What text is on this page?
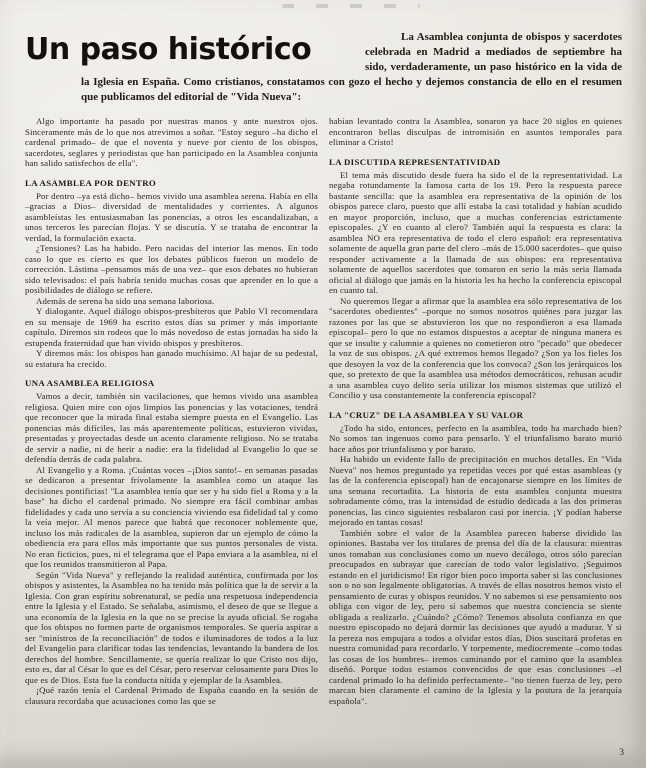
Un paso histórico	La Asamblea conjunta de obispos y sacerdotes celebrada en Madrid a mediados de septiembre ha sido, verdaderamente, un paso histórico en la vida de la Iglesia en España. Como cristianos, constatamos con gozo el hecho y dejemos constancia de ello en el resumen que publicamos del editorial de "Vida Nueva":

Algo importante ha pasado por nuestras manos y ante nuestros ojos. Sinceramente más de lo que nos atrevimos a soñar. "Estoy seguro –ha dicho el cardenal primado– de que el noventa y nueve por ciento de los obispos, sacerdotes, seglares y periodistas que han participado en la Asamblea conjunta han salido satisfechos de ella".

LA ASAMBLEA POR DENTRO

Por dentro –ya está dicho– hemos vivido una asamblea serena. Había en ella –gracias a Dios– diversidad de mentalidades y corrientes. A algunos asambleístas les entusiasmaban las ponencias, a otros les escandalizaban, a unos terceros les parecían flojas. Y se discutía. Y se trataba de encontrar la verdad, la formulación exacta.

¿Tensiones? Las ha habido. Pero nacidas del interior las menos. En todo caso lo que es cierto es que los debates públicos fueron un modelo de corrección. Lástima –pensamos más de una vez– que esos debates no hubieran sido televisados: el país habría tenido muchas cosas que aprender en lo que a posibilidades de diálogo se refiere.

Además de serena ha sido una semana laboriosa.

Y dialogante. Aquel diálogo obispos-presbíteros que Pablo VI recomendara en su mensaje de 1969 ha escrito estos días su primer y más importante capítulo. Diremos sin rodeos que lo más novedoso de estas jornadas ha sido la estupenda fraternidad que han vivido obispos y presbíteros.

Y diremos más: los obispos han ganado muchísimo. Al bajar de su pedestal, su estatura ha crecido.

UNA ASAMBLEA RELIGIOSA

Vamos a decir, también sin vacilaciones, que hemos vivido una asamblea religiosa. Quien mire con ojos limpios las ponencias y las votaciones, tendrá que reconocer que la mirada final estaba siempre puesta en el Evangelio. Las ponencias más difíciles, las más aparentemente políticas, estuvieron vividas, presentadas y proyectadas desde un acento claramente religioso. No se trataba de servir a nadie, ni de herir a nadie: era la fidelidad al Evangelio lo que se defendía detrás de cada palabra.

Al Evangelio y a Roma. ¡Cuántas voces –¡Dios santo!– en semanas pasadas se dedicaron a presentar frívolamente la asamblea como un ataque las decisiones pontificias! "La asamblea tenía que ser y ha sido fiel a Roma y a la base" ha dicho el cardenal primado. No siempre era fácil combinar ambas fidelidades y cada uno servía a su conciencia viviendo esa fidelidad tal y como la veía mejor. Al menos parece que habrá que reconocer noblemente que, incluso los más radicales de la asamblea, supieron dar un ejemplo de cómo la obediencia era para ellos más importante que sus puntos personales de vista. No eran ficticios, pues, ni el telegrama que el Papa enviara a la asamblea, ni el que los reunidos transmitieron al Papa.

Según "Vida Nueva" y reflejando la realidad auténtica, confirmada por los obispos y asistentes, la Asamblea no ha tenido más política que la de servir a la Iglesia. Con gran espíritu sobrenatural, se pedía una respetuosa independencia entre la Iglesia y el Estado. Se señalaba, asimismo, el deseo de que se llegue a una economía de la Iglesia en la que no se precise la ayuda oficial. Se rogaba que los obispos no formen parte de organismos temporales. Se quería aspirar a ser "ministros de la reconciliación" de todos e iluminadores de todos a la luz del Evangelio para clarificar todas las tendencias, levantando la bandera de los derechos del hombre. Sencillamente, se quería realizar lo que Cristo nos dijo, esto es, dar al César lo que es del César, pero reservar celosamente para Dios lo que es de Dios. Esta fue la conducta nítida y ejemplar de la Asamblea.

¡Qué razón tenía el Cardenal Primado de España cuando en la sesión de clausura recordaba que acusaciones como las que se

habían levantado contra la Asamblea, sonaron ya hace 20 siglos en quienes encontraron bellas disculpas de intromisión en asuntos temporales para eliminar a Cristo!

LA DISCUTIDA REPRESENTATIVIDAD

El tema más discutido desde fuera ha sido el de la representatividad. La negaba rotundamente la famosa carta de los 19. Pero la respuesta parece bastante sencilla: que la asamblea era representativa de la opinión de los obispos parece claro, puesto que allí estaba la casi totalidad y habían acudido en mayor proporción, incluso, que a muchas conferencias estrictamente episcopales. ¿Y en cuanto al clero? También aquí la respuesta es clara: la asamblea NO era representativa de todo el clero español: era representativa solamente de aquella gran parte del clero –más de 15.000 sacerdotes– que quiso responder activamente a la llamada de sus obispos: era representativa solamente de aquellos sacerdotes que tomaron en serio la más seria llamada oficial al diálogo que jamás en la historia les ha hecho la conferencia episcopal en cuanto tal.

No queremos llegar a afirmar que la asamblea era sólo representativa de los "sacerdotes obedientes" –porque no somos nosotros quiénes para juzgar las razones por las que se abstuvieron los que no respondieron a esa llamada episcopal– pero lo que no estamos dispuestos a aceptar de ninguna manera es que se insulte y calumnie a quienes no cometieron otro "pecado" que obedecer la voz de sus obispos. ¿A qué extremos hemos llegado? ¿Son ya los fieles los que desoyen la voz de la conferencia que los convoca? ¿Son los jerárquicos los que, so pretexto de que la asamblea usa métodos democráticos, rehusan acudir a una asamblea cuyo delito sería utilizar los mismos sistemas que utilizó el Concilio y usa constantemente la conferencia episcopal?

LA "CRUZ" DE LA ASAMBLEA Y SU VALOR

¿Todo ha sido, entonces, perfecto en la asamblea, todo ha marchado bien? No somos tan ingenuos como para pensarlo. Y el triunfalismo barato murió hace años por triunfalismo y por barato.

Ha habido un evidente fallo de precipitación en muchos detalles. En "Vida Nueva" nos hemos preguntado ya repetidas veces por qué estas asambleas (y las de la conferencia episcopal) han de encajonarse siempre en los límites de una semana recortadita. La historia de esta asamblea conjunta muestra sobradamente cómo, tras la intensidad de estudio dedicada a las dos primeras ponencias, las cinco siguientes resbalaron casi por inercia. ¡Y podían haberse mejorado en tantas cosas!

También sobre el valor de la Asamblea parecen haberse dividido las opiniones. Bastaba ver los titulares de prensa del día de la clausura: mientras unos tomaban sus conclusiones como un nuevo decálogo, otros sólo parecían preocupados en subrayar que carecían de todo valor legislativo. ¡Seguimos estando en el juridicismo! En rigor bien poco importa saber si las conclusiones son o no son legalmente obligatorias. A través de ellas nosotros hemos visto el pensamiento de curas y obispos reunidos. Y no sabemos si ese pensamiento nos obliga con vigor de ley, pero sí sabemos que nuestra conciencia se siente obligada a realizarlo. ¿Cuándo? ¿Cómo? Tenemos absoluta confianza en que nuestro episcopado no dejará dormir las decisiones que ayudó a madurar. Y si la pereza nos empujara a todos a olvidar estos días, Dios suscitará profetas en nuestra comunidad para recordarlo. Y torpemente, mediocremente –como todas las cosas de los hombres– iremos caminando por el camino que la asamblea diseñó. Porque todos estamos convencidos de que esas conclusiones –el cardenal primado lo ha definido perfectamente– "no tienen fuerza de ley, pero marcan bien claramente el camino de la Iglesia y la postura de la jerarquía española".

3
